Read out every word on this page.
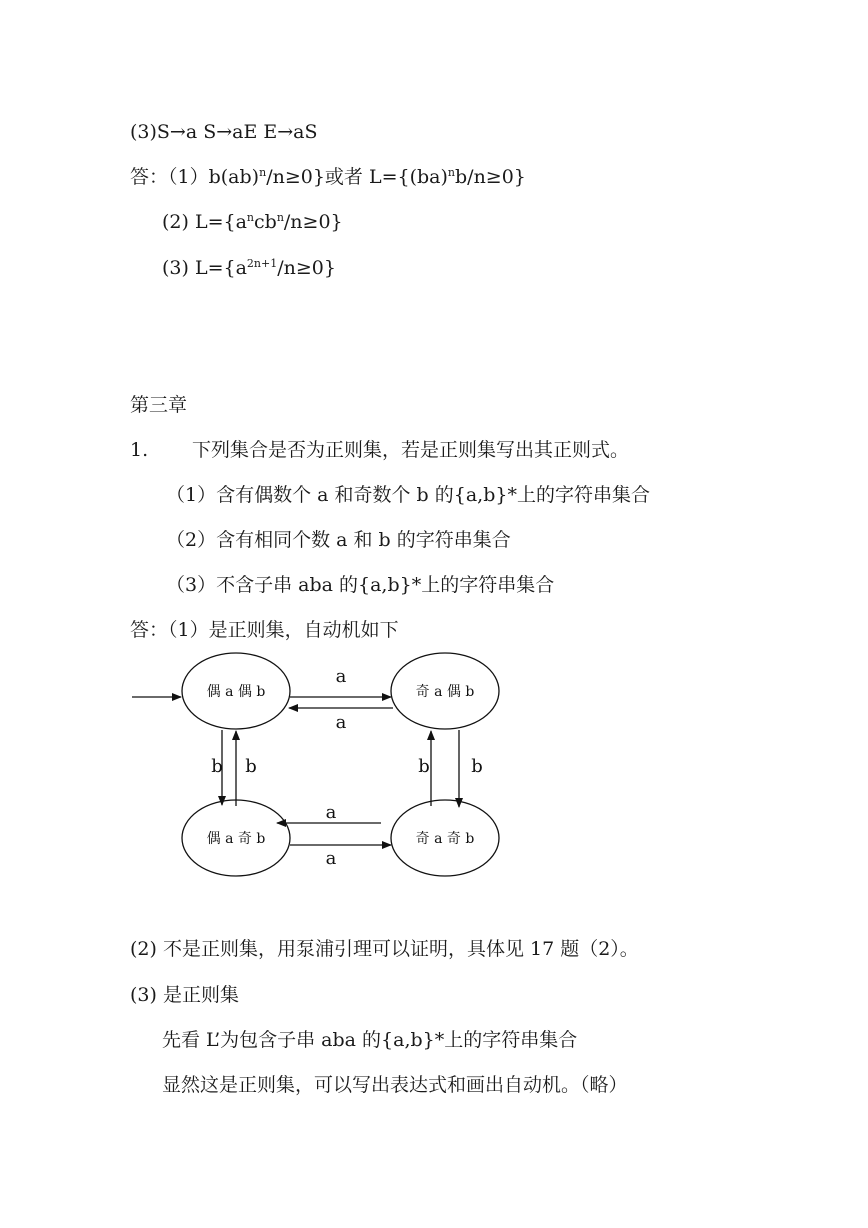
(3)S→a S→aE E→aS
答：（1）b(ab)$^n$/n≥0}或者 L={(ba)$^n$b/n≥0}
(2) $L=\{a^ncb^n/n\ge 0\}$
(3) $L=\{a^{2n+1}/n\ge 0\}$
第三章
1. 下列集合是否为正则集，若是正则集写出其正则式。
（1）含有偶数个 a 和奇数个 b 的{a,b}*上的字符串集合
（2）含有相同个数 a 和 b 的字符串集合
（3）不含子串 aba 的{a,b}*上的字符串集合
答：（1）是正则集，自动机如下
偶 a 偶 b	奇 a 偶 b
偶 a 奇 b	奇 a 奇 b
a
a
b b	b b
a
a
(2) 不是正则集，用泵浦引理可以证明，具体见 17 题（2）。
(3) 是正则集
先看 L’为包含子串 aba 的{a,b}*上的字符串集合
显然这是正则集，可以写出表达式和画出自动机。（略）
